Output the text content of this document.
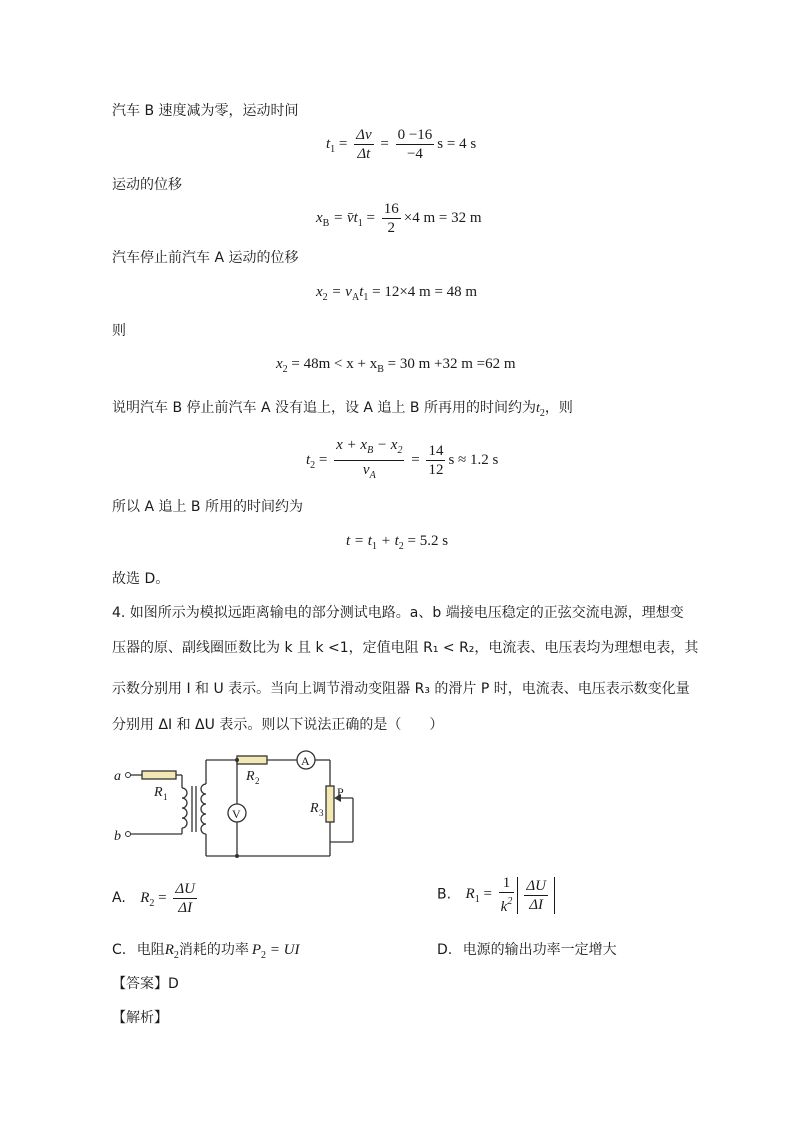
汽车 B 速度减为零，运动时间
$t_1 = \frac{\Delta v}{\Delta t} = \frac{0 -16}{-4}$ s = 4 s
运动的位移
$x_B$ = $v̄t_1 = \frac{16}{2} \times 4$ m = 32 m
汽车停止前汽车 A 运动的位移
$x_2 = v_At_1 = 12\times 4$ m = 48 m
则
$x_2 = 48m < x + x_B = 30$ m +32 m =62 m
说明汽车 B 停止前汽车 A 没有追上，设 A 追上 B 所再用的时间约为$t_2$，则
$t_2 = \frac{x + x_B - x_2}{v_A} = \frac{14}{12}$ s ≈ 1.2 s
所以 A 追上 B 所用的时间约为
$t = t_1 + t_2 = 5.2$ s
故选 D。
4. 如图所示为模拟远距离输电的部分测试电路。a、b 端接电压稳定的正弦交流电源，理想变
压器的原、副线圈匝数比为 k 且 k <1，定值电阻 R₁ < R₂，电流表、电压表均为理想电表，其
示数分别用 I 和 U 表示。当向上调节滑动变阻器 R₃ 的滑片 P 时，电流表、电压表示数变化量
分别用 ΔI 和 ΔU 表示。则以下说法正确的是（　　）
a
b
R 1
R 2
R 3
P
A
V
A. $R_2 = \frac{\Delta U}{\Delta I}$	B. $R_1 = \frac{1}{k^2} \frac{\Delta U}{\Delta I}$
C. 电阻$R_2$消耗的功率 $P_2$ = UI	D. 电源的输出功率一定增大
【答案】D
【解析】
